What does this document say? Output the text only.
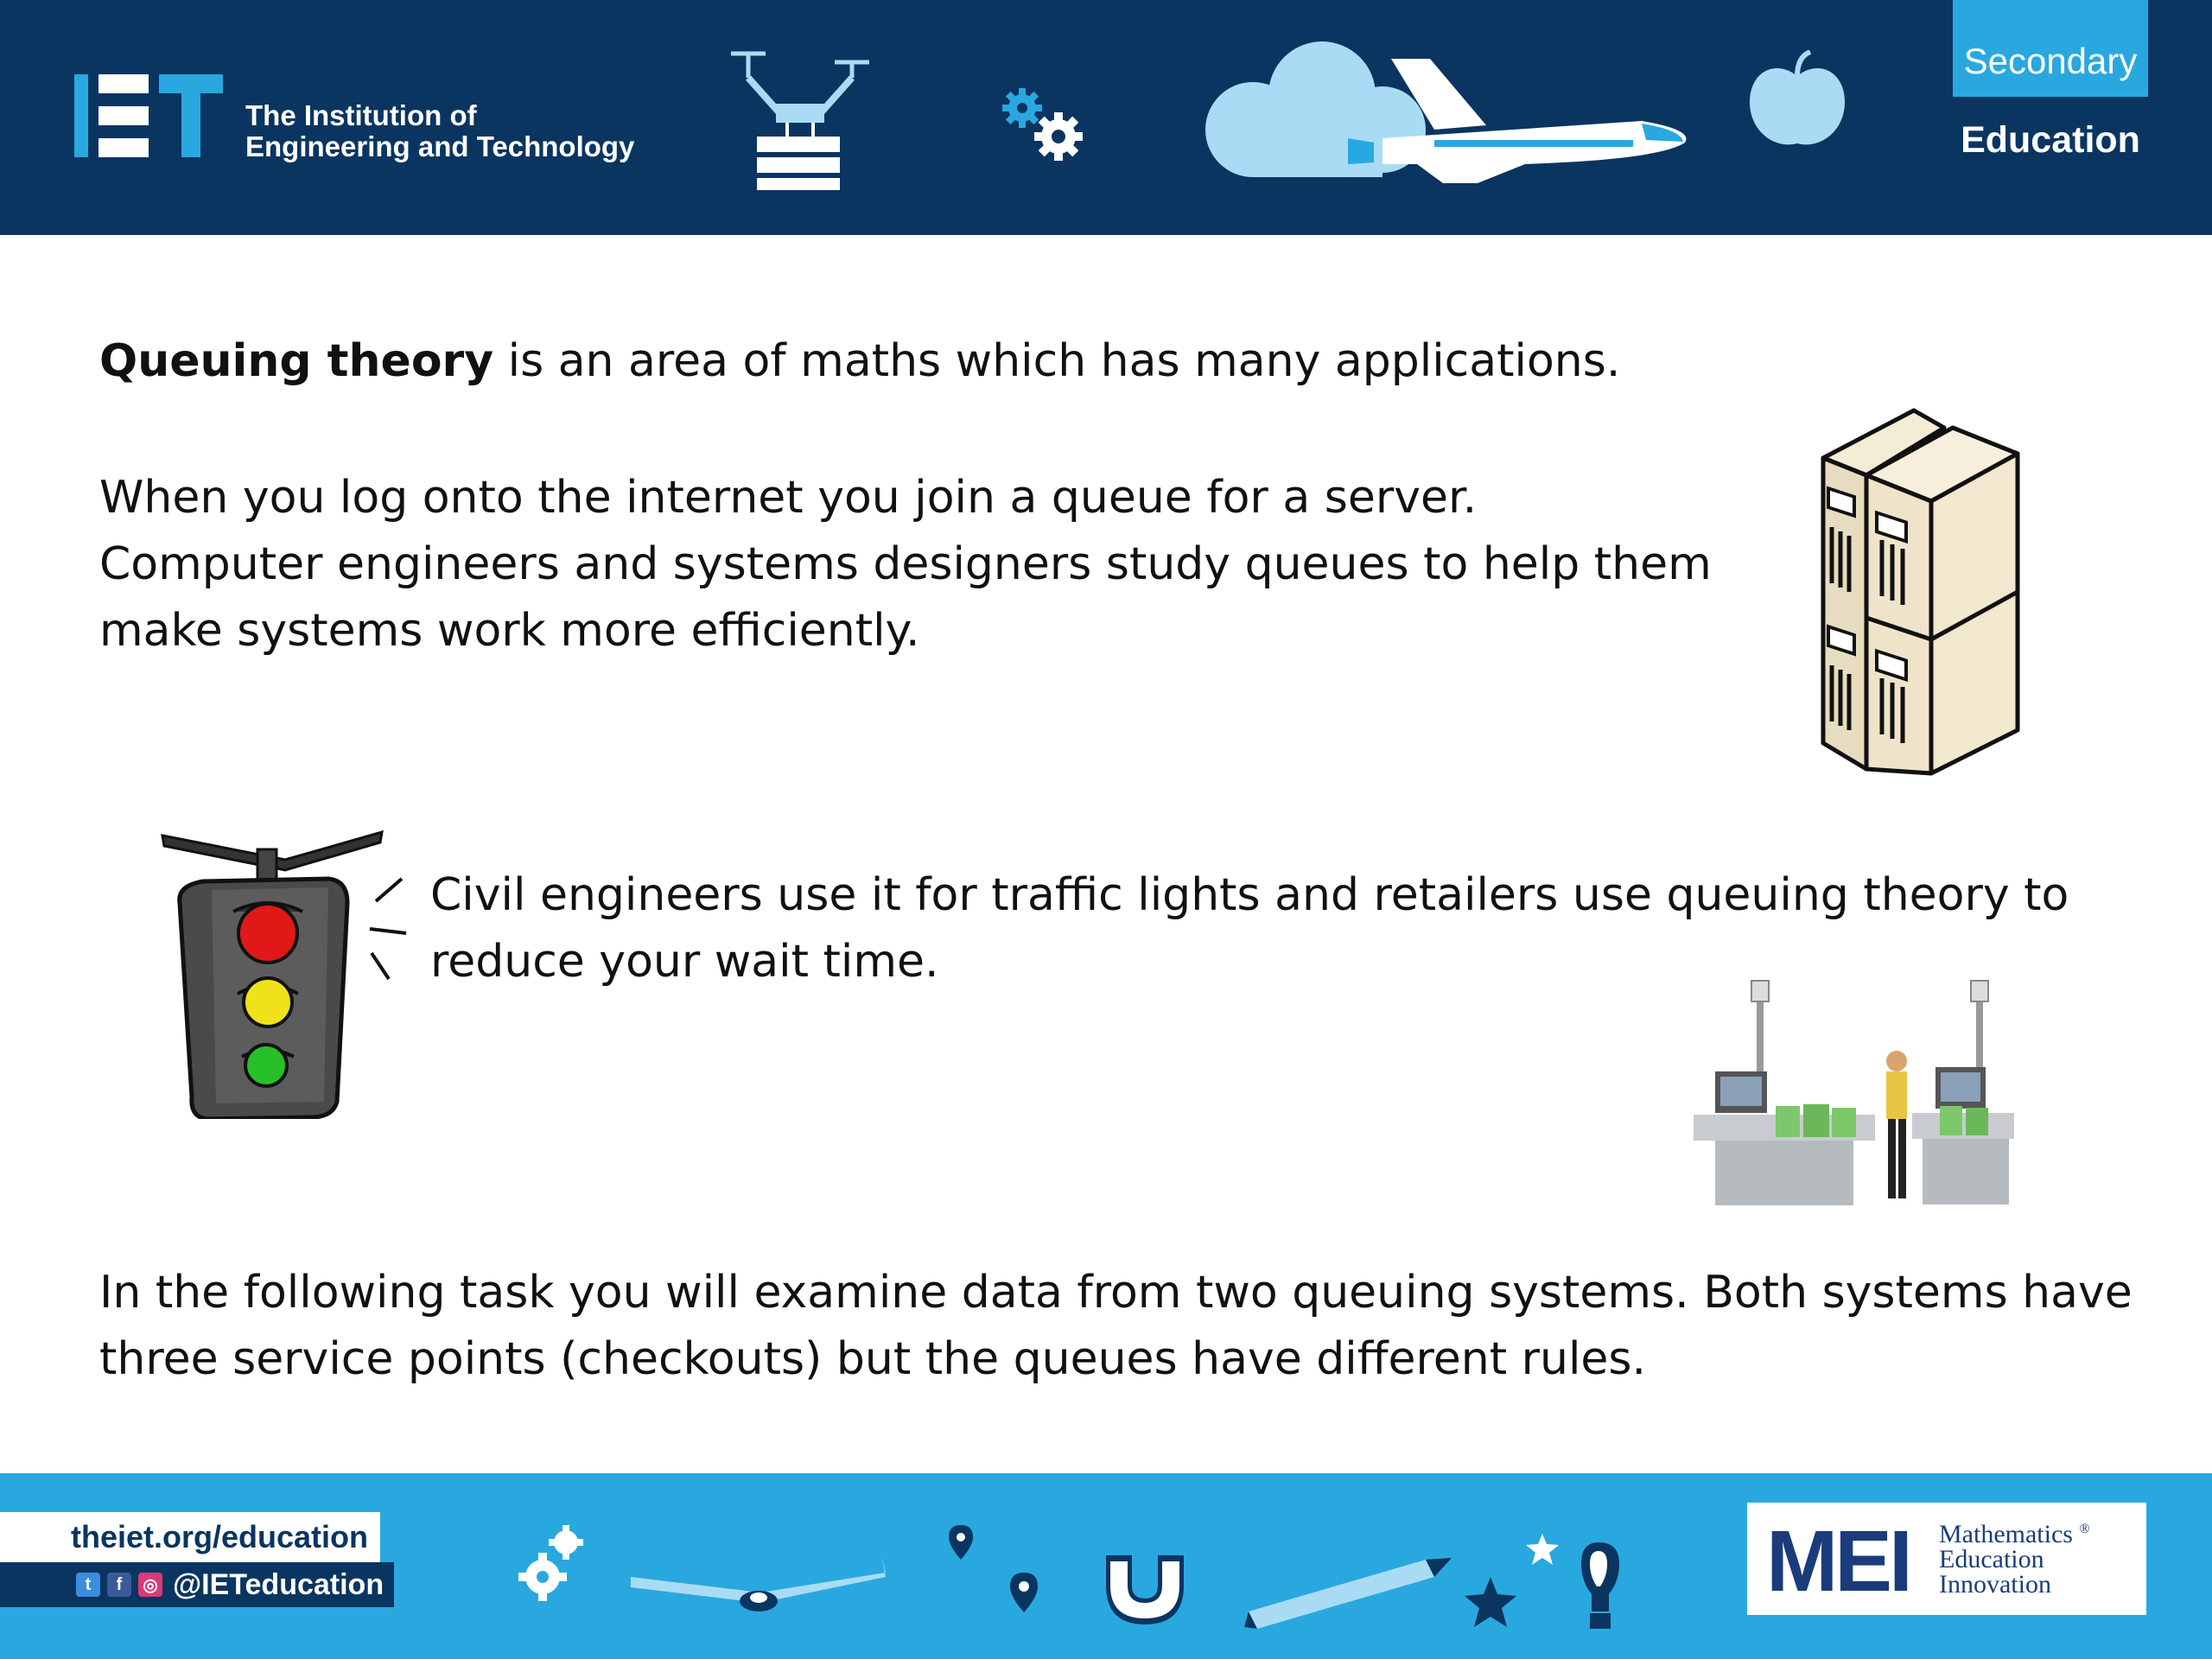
The Institution of
Engineering and Technology
Secondary
Education

Queuing theory is an area of maths which has many applications.

When you log onto the internet you join a queue for a server.
Computer engineers and systems designers study queues to help them
make systems work more efficiently.

Civil engineers use it for traffic lights and retailers use queuing theory to
reduce your wait time.

In the following task you will examine data from two queuing systems. Both systems have
three service points (checkouts) but the queues have different rules.

theiet.org/education
t	f	◎ @IETeducation	MEI Mathematics ®
Education
Innovation
